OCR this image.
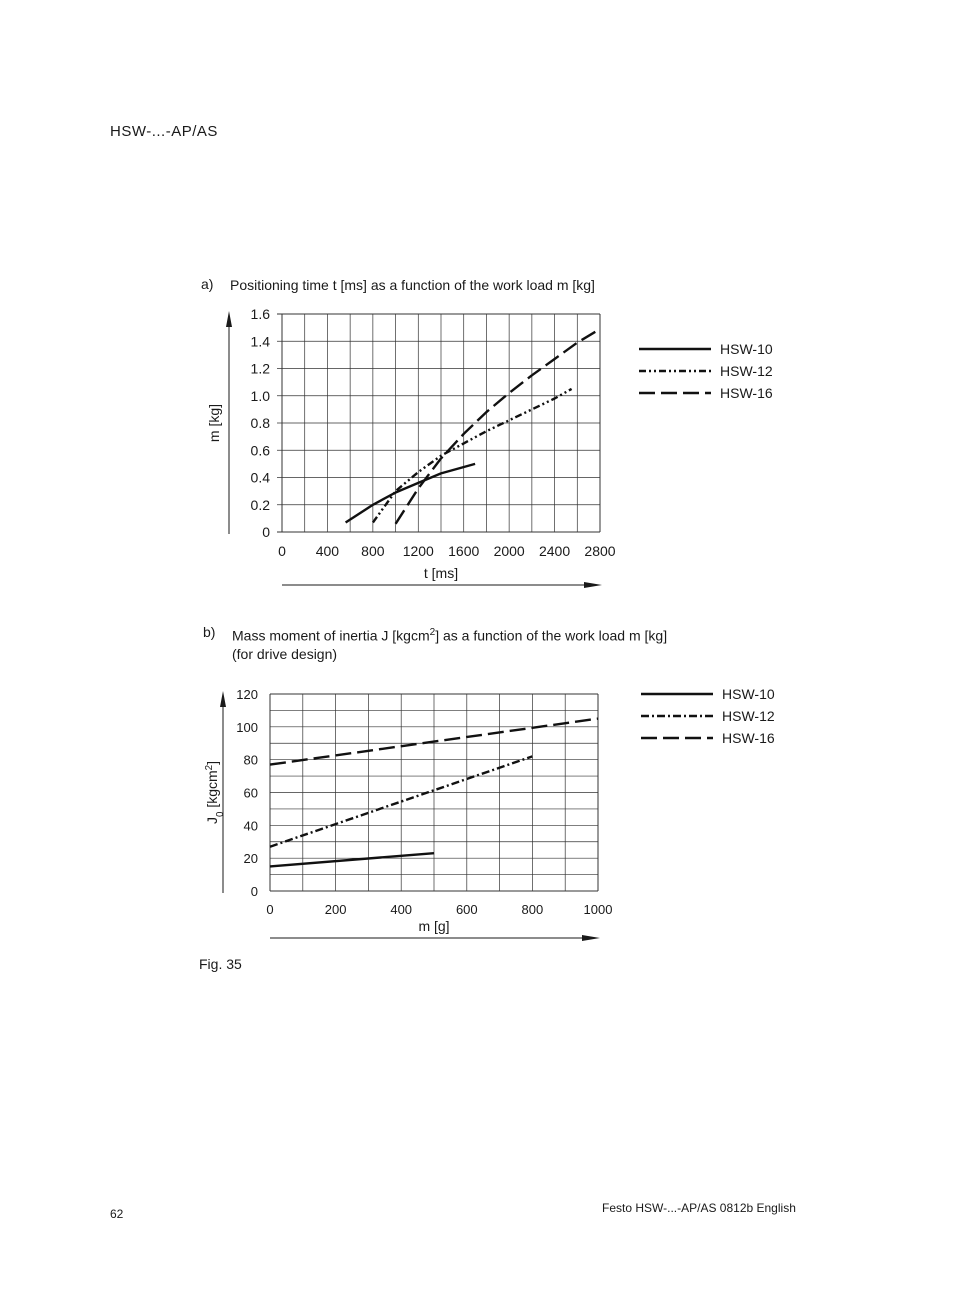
HSW-...-AP/AS
a) Positioning time t [ms] as a function of the work load m [kg]
0
0.2
0.4
0.6
0.8
1.0
1.2
1.4
1.6
0 400 800 1200 1600 2000 2400 2800
t [ms]
m [kg]
HSW-10
HSW-12
HSW-16
b) Mass moment of inertia J [kgcm$^2$] as a function of the work load m [kg]
(for drive design)
0
20
40
60
80
100
120
0	200	400	600	800	1000
m [g]
$J_0$ [kgcm$^2$]
HSW-10
HSW-12
HSW-16
Fig. 35
62	Festo HSW-...-AP/AS 0812b English
